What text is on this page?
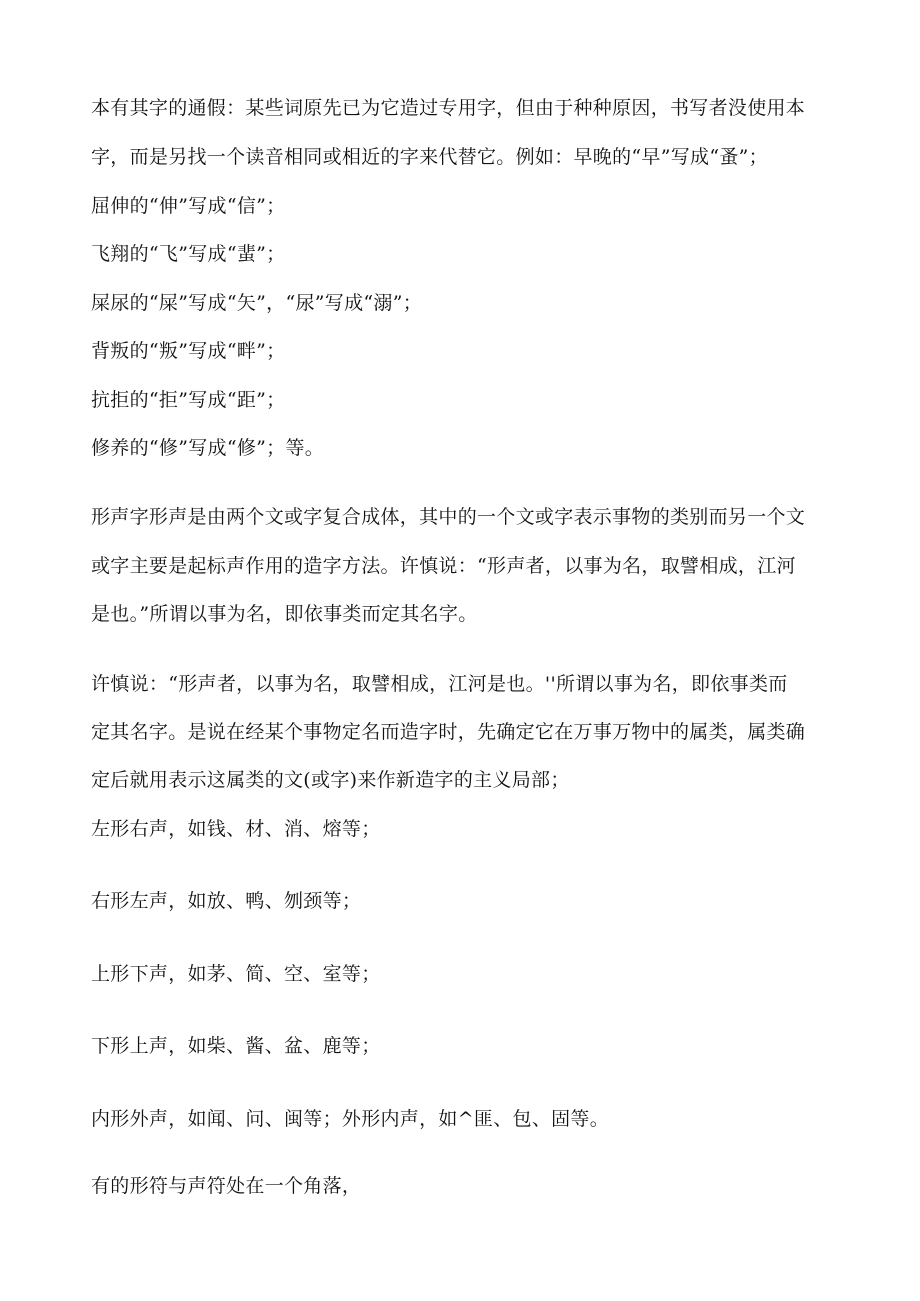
本有其字的通假：某些词原先已为它造过专用字，但由于种种原因，书写者没使用本
字，而是另找一个读音相同或相近的字来代替它。例如：早晚的“早”写成“蚤”；
屈伸的“伸”写成“信”；
飞翔的“飞”写成“蜚”；
屎尿的“屎”写成“矢”，“尿”写成“溺”；
背叛的“叛”写成“畔”；
抗拒的“拒”写成“距”；
修养的“修”写成“修”；等。
形声字形声是由两个文或字复合成体，其中的一个文或字表示事物的类别而另一个文
或字主要是起标声作用的造字方法。许慎说：“形声者，以事为名，取譬相成，江河
是也。”所谓以事为名，即依事类而定其名字。
许慎说：“形声者，以事为名，取譬相成，江河是也。''所谓以事为名，即依事类而
定其名字。是说在经某个事物定名而造字时，先确定它在万事万物中的属类，属类确
定后就用表示这属类的文(或字)来作新造字的主义局部；
左形右声，如钱、材、消、熔等；
右形左声，如放、鸭、刎颈等；
上形下声，如茅、简、空、室等；
下形上声，如柴、酱、盆、鹿等；
内形外声，如闻、问、闽等；外形内声，如^匪、包、固等。
有的形符与声符处在一个角落，
